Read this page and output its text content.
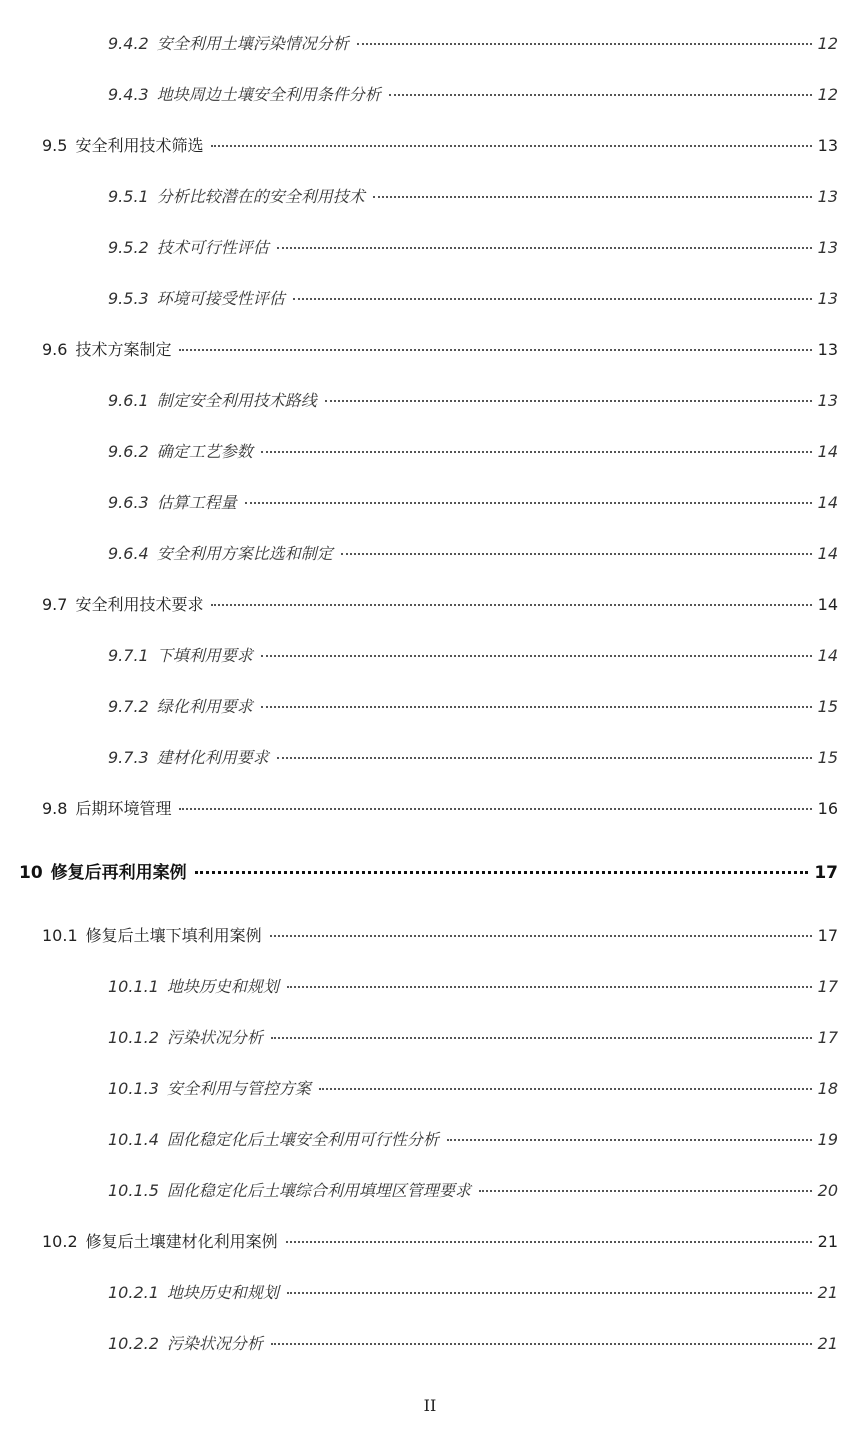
9.4.2 安全利用土壤污染情况分析	12
9.4.3 地块周边土壤安全利用条件分析	12
9.5 安全利用技术筛选	13
9.5.1 分析比较潜在的安全利用技术	13
9.5.2 技术可行性评估	13
9.5.3 环境可接受性评估	13
9.6 技术方案制定	13
9.6.1 制定安全利用技术路线	13
9.6.2 确定工艺参数	14
9.6.3 估算工程量	14
9.6.4 安全利用方案比选和制定	14
9.7 安全利用技术要求	14
9.7.1 下填利用要求	14
9.7.2 绿化利用要求	15
9.7.3 建材化利用要求	15
9.8 后期环境管理	16
10 修复后再利用案例	17
10.1 修复后土壤下填利用案例	17
10.1.1 地块历史和规划	17
10.1.2 污染状况分析	17
10.1.3 安全利用与管控方案	18
10.1.4 固化稳定化后土壤安全利用可行性分析	19
10.1.5 固化稳定化后土壤综合利用填埋区管理要求	20
10.2 修复后土壤建材化利用案例	21
10.2.1 地块历史和规划	21
10.2.2 污染状况分析	21
II
